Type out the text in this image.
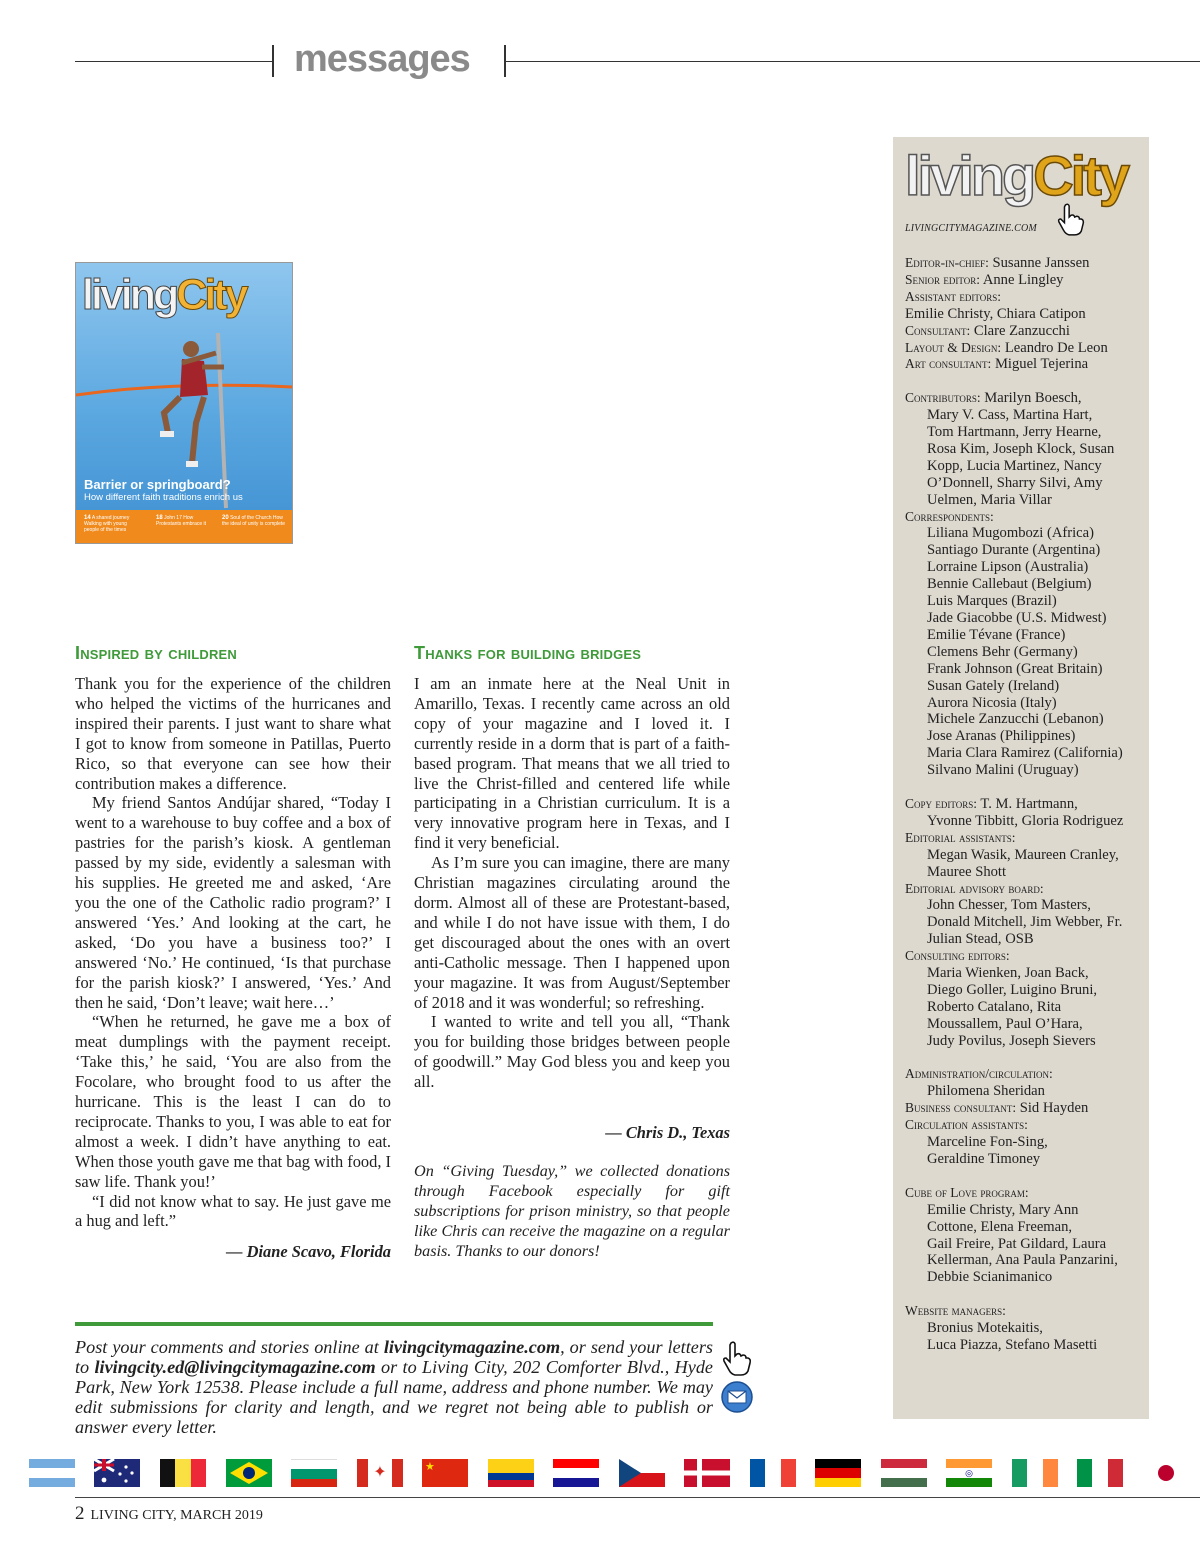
messages
livingCity
Barrier or springboard?
How different faith traditions enrich us
14 A shared journey Walking with young people of the times
18 John 17 How Protestants embrace it
20 Soul of the Church How the ideal of unity is complete
Inspired by children

Thank you for the experience of the children who helped the victims of the hurricanes and inspired their parents. I just want to share what I got to know from someone in Patillas, Puerto Rico, so that everyone can see how their contribution makes a difference.

My friend Santos Andújar shared, “Today I went to a warehouse to buy coffee and a box of pastries for the parish’s kiosk. A gentleman passed by my side, evidently a salesman with his supplies. He greeted me and asked, ‘Are you the one of the Catholic radio program?’ I answered ‘Yes.’ And looking at the cart, he asked, ‘Do you have a business too?’ I answered ‘No.’ He continued, ‘Is that purchase for the parish kiosk?’ I answered, ‘Yes.’ And then he said, ‘Don’t leave; wait here…’

“When he returned, he gave me a box of meat dumplings with the payment receipt. ‘Take this,’ he said, ‘You are also from the Focolare, who brought food to us after the hurricane. This is the least I can do to reciprocate. Thanks to you, I was able to eat for almost a week. I didn’t have anything to eat. When those youth gave me that bag with food, I saw life. Thank you!’

“I did not know what to say. He just gave me a hug and left.”

— Diane Scavo, Florida
Thanks for building bridges

I am an inmate here at the Neal Unit in Amarillo, Texas. I recently came across an old copy of your magazine and I loved it. I currently reside in a dorm that is part of a faith-based program. That means that we all tried to live the Christ-filled and centered life while participating in a Christian curriculum. It is a very innovative program here in Texas, and I find it very beneficial.

As I’m sure you can imagine, there are many Christian magazines circulating around the dorm. Almost all of these are Protestant-based, and while I do not have issue with them, I do get discouraged about the ones with an overt anti-Catholic message. Then I happened upon your magazine. It was from August/September of 2018 and it was wonderful; so refreshing.

I wanted to write and tell you all, “Thank you for building those bridges between people of goodwill.” May God bless you and keep you all.

— Chris D., Texas
On “Giving Tuesday,” we collected donations through Facebook especially for gift subscriptions for prison ministry, so that people like Chris can receive the magazine on a regular basis. Thanks to our donors!
Post your comments and stories online at livingcitymagazine.com, or send your letters to livingcity.ed@livingcitymagazine.com or to Living City, 202 Comforter Blvd., Hyde Park, New York 12538. Please include a full name, address and phone number. We may edit submissions for clarity and length, and we regret not being able to publish or answer every letter.
livingCity
LIVINGCITYMAGAZINE.COM
Editor-in-chief: Susanne Janssen
Senior editor: Anne Lingley
Assistant editors:
Emilie Christy, Chiara Catipon
Consultant: Clare Zanzucchi
Layout & Design: Leandro De Leon
Art consultant: Miguel Tejerina
Contributors: Marilyn Boesch,
Mary V. Cass, Martina Hart,
Tom Hartmann, Jerry Hearne,
Rosa Kim, Joseph Klock, Susan
Kopp, Lucia Martinez, Nancy
O’Donnell, Sharry Silvi, Amy
Uelmen, Maria Villar
Correspondents:
Liliana Mugombozi (Africa)
Santiago Durante (Argentina)
Lorraine Lipson (Australia)
Bennie Callebaut (Belgium)
Luis Marques (Brazil)
Jade Giacobbe (U.S. Midwest)
Emilie Tévane (France)
Clemens Behr (Germany)
Frank Johnson (Great Britain)
Susan Gately (Ireland)
Aurora Nicosia (Italy)
Michele Zanzucchi (Lebanon)
Jose Aranas (Philippines)
Maria Clara Ramirez (California)
Silvano Malini (Uruguay)
Copy editors: T. M. Hartmann,
Yvonne Tibbitt, Gloria Rodriguez
Editorial assistants:
Megan Wasik, Maureen Cranley,
Mauree Shott
Editorial advisory board:
John Chesser, Tom Masters,
Donald Mitchell, Jim Webber, Fr.
Julian Stead, OSB
Consulting editors:
Maria Wienken, Joan Back,
Diego Goller, Luigino Bruni,
Roberto Catalano, Rita
Moussallem, Paul O’Hara,
Judy Povilus, Joseph Sievers
Administration/circulation:
Philomena Sheridan
Business consultant: Sid Hayden
Circulation assistants:
Marceline Fon-Sing,
Geraldine Timoney
Cube of Love program:
Emilie Christy, Mary Ann
Cottone, Elena Freeman,
Gail Freire, Pat Gildard, Laura
Kellerman, Ana Paula Panzarini,
Debbie Scianimanico
Website managers:
Bronius Motekaitis,
Luca Piazza, Stefano Masetti
✦	★	◎
2 LIVING CITY, MARCH 2019
